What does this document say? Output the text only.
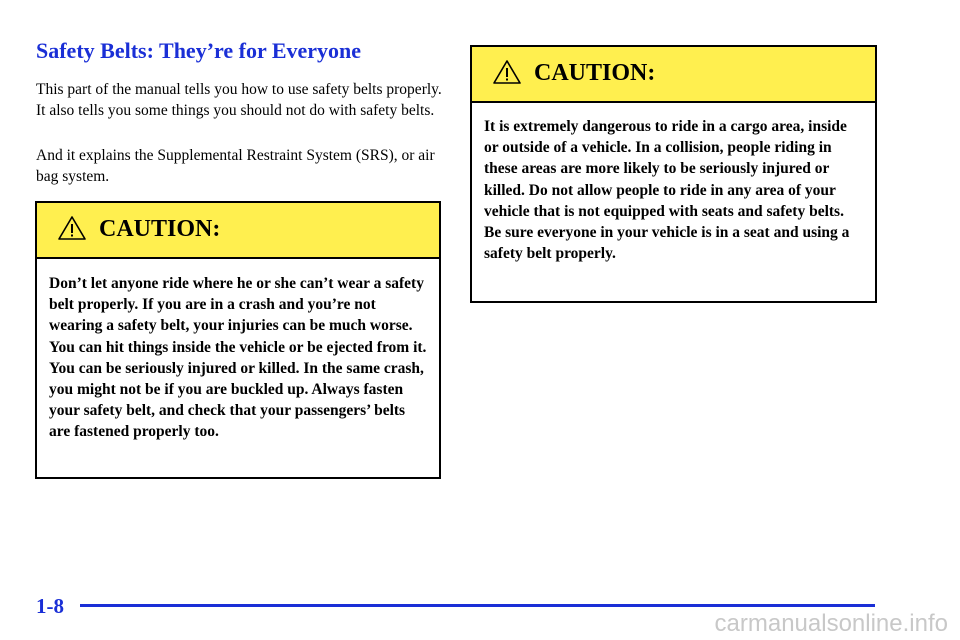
Safety Belts: They’re for Everyone

This part of the manual tells you how to use safety belts properly. It also tells you some things you should not do with safety belts.

And it explains the Supplemental Restraint System (SRS), or air bag system.

CAUTION:

Don’t let anyone ride where he or she can’t wear a safety belt properly. If you are in a crash and you’re not wearing a safety belt, your injuries can be much worse. You can hit things inside the vehicle or be ejected from it. You can be seriously injured or killed. In the same crash, you might not be if you are buckled up. Always fasten your safety belt, and check that your passengers’ belts are fastened properly too.

CAUTION:

It is extremely dangerous to ride in a cargo area, inside or outside of a vehicle. In a collision, people riding in these areas are more likely to be seriously injured or killed. Do not allow people to ride in any area of your vehicle that is not equipped with seats and safety belts. Be sure everyone in your vehicle is in a seat and using a safety belt properly.

1-8
carmanualsonline.info
